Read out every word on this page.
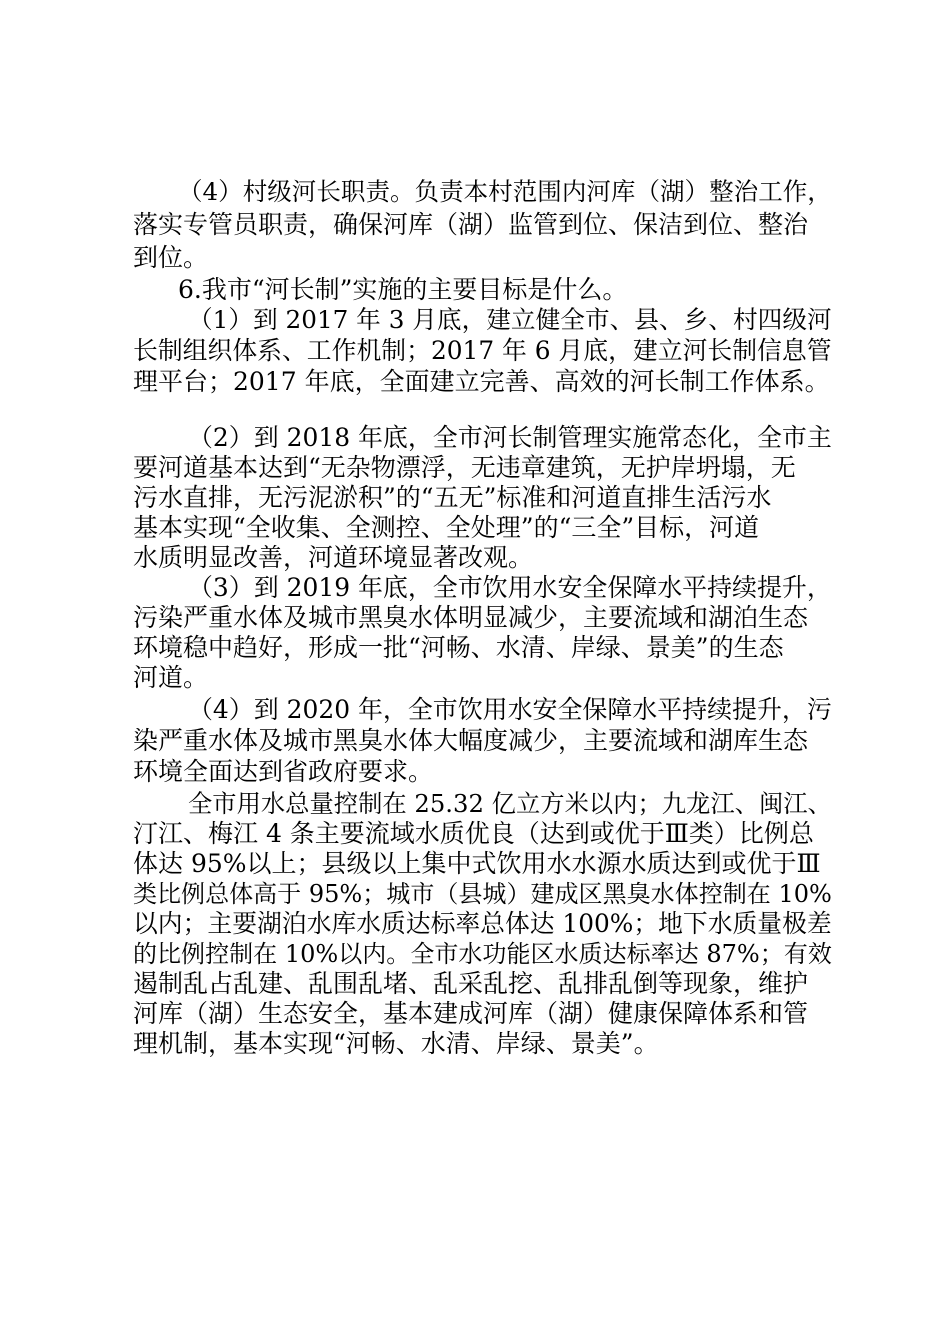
（4）村级河长职责。负责本村范围内河库（湖）整治工作，
落实专管员职责，确保河库（湖）监管到位、保洁到位、整治
到位。
6.我市“河长制”实施的主要目标是什么。
（1）到 2017 年 3 月底，建立健全市、县、乡、村四级河
长制组织体系、工作机制；2017 年 6 月底，建立河长制信息管
理平台；2017 年底，全面建立完善、高效的河长制工作体系。
（2）到 2018 年底，全市河长制管理实施常态化，全市主
要河道基本达到“无杂物漂浮，无违章建筑，无护岸坍塌，无
污水直排，无污泥淤积”的“五无”标准和河道直排生活污水
基本实现“全收集、全测控、全处理”的“三全”目标，河道
水质明显改善，河道环境显著改观。
（3）到 2019 年底，全市饮用水安全保障水平持续提升，
污染严重水体及城市黑臭水体明显减少，主要流域和湖泊生态
环境稳中趋好，形成一批“河畅、水清、岸绿、景美”的生态
河道。
（4）到 2020 年，全市饮用水安全保障水平持续提升，污
染严重水体及城市黑臭水体大幅度减少，主要流域和湖库生态
环境全面达到省政府要求。
全市用水总量控制在 25.32 亿立方米以内；九龙江、闽江、
汀江、梅江 4 条主要流域水质优良（达到或优于Ⅲ类）比例总
体达 95%以上；县级以上集中式饮用水水源水质达到或优于Ⅲ
类比例总体高于 95%；城市（县城）建成区黑臭水体控制在 10%
以内；主要湖泊水库水质达标率总体达 100%；地下水质量极差
的比例控制在 10%以内。全市水功能区水质达标率达 87%；有效
遏制乱占乱建、乱围乱堵、乱采乱挖、乱排乱倒等现象，维护
河库（湖）生态安全，基本建成河库（湖）健康保障体系和管
理机制，基本实现“河畅、水清、岸绿、景美”。
